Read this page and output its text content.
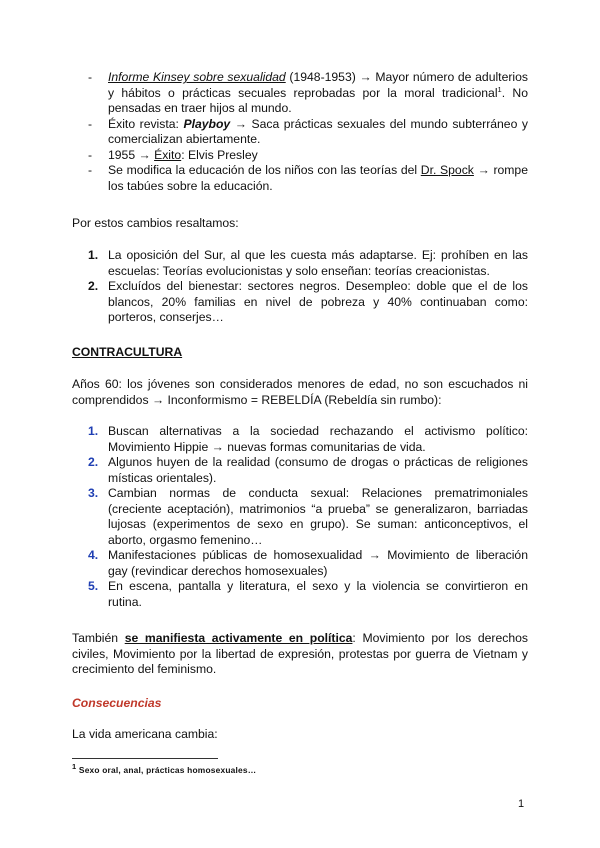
- Informe Kinsey sobre sexualidad (1948-1953) → Mayor número de adulterios y hábitos o prácticas secuales reprobadas por la moral tradicional$^1$. No pensadas en traer hijos al mundo.
- Éxito revista: Playboy → Saca prácticas sexuales del mundo subterráneo y comercializan abiertamente.
- 1955 → Éxito: Elvis Presley
- Se modifica la educación de los niños con las teorías del Dr. Spock → rompe los tabúes sobre la educación.
Por estos cambios resaltamos:
1. La oposición del Sur, al que les cuesta más adaptarse. Ej: prohíben en las escuelas: Teorías evolucionistas y solo enseñan: teorías creacionistas.
2. Excluídos del bienestar: sectores negros. Desempleo: doble que el de los blancos, 20% familias en nivel de pobreza y 40% continuaban como: porteros, conserjes…
CONTRACULTURA
Años 60: los jóvenes son considerados menores de edad, no son escuchados ni comprendidos → Inconformismo = REBELDÍA (Rebeldía sin rumbo):
1. Buscan alternativas a la sociedad rechazando el activismo político: Movimiento Hippie → nuevas formas comunitarias de vida.
2. Algunos huyen de la realidad (consumo de drogas o prácticas de religiones místicas orientales).
3. Cambian normas de conducta sexual: Relaciones prematrimoniales (creciente aceptación), matrimonios “a prueba” se generalizaron, barriadas lujosas (experimentos de sexo en grupo). Se suman: anticonceptivos, el aborto, orgasmo femenino…
4. Manifestaciones públicas de homosexualidad → Movimiento de liberación gay (revindicar derechos homosexuales)
5. En escena, pantalla y literatura, el sexo y la violencia se convirtieron en rutina.
También se manifiesta activamente en política: Movimiento por los derechos civiles, Movimiento por la libertad de expresión, protestas por guerra de Vietnam y crecimiento del feminismo.
Consecuencias
La vida americana cambia:
$^1$ Sexo oral, anal, prácticas homosexuales…
1
